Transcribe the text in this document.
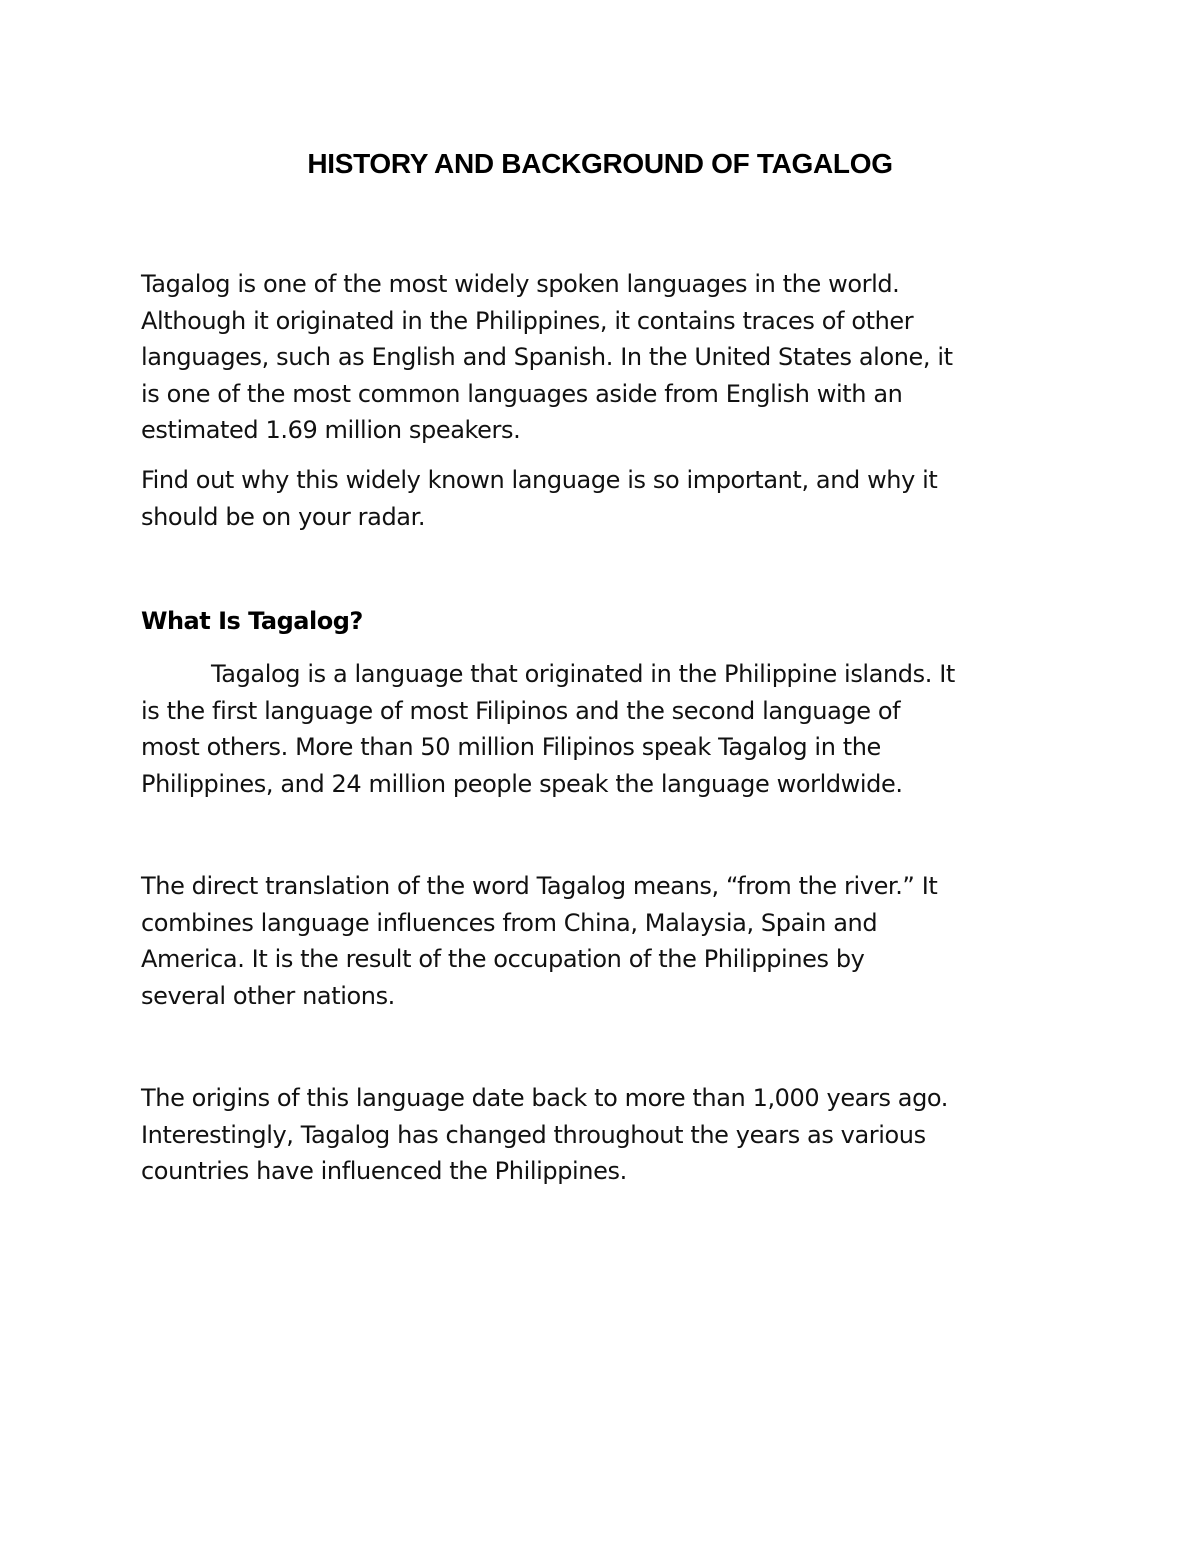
HISTORY AND BACKGROUND OF TAGALOG

Tagalog is one of the most widely spoken languages in the world.
Although it originated in the Philippines, it contains traces of other
languages, such as English and Spanish. In the United States alone, it
is one of the most common languages aside from English with an
estimated 1.69 million speakers.

Find out why this widely known language is so important, and why it
should be on your radar.

What Is Tagalog?

Tagalog is a language that originated in the Philippine islands. It
is the first language of most Filipinos and the second language of
most others. More than 50 million Filipinos speak Tagalog in the
Philippines, and 24 million people speak the language worldwide.

The direct translation of the word Tagalog means, “from the river.” It
combines language influences from China, Malaysia, Spain and
America. It is the result of the occupation of the Philippines by
several other nations.

The origins of this language date back to more than 1,000 years ago.
Interestingly, Tagalog has changed throughout the years as various
countries have influenced the Philippines.
